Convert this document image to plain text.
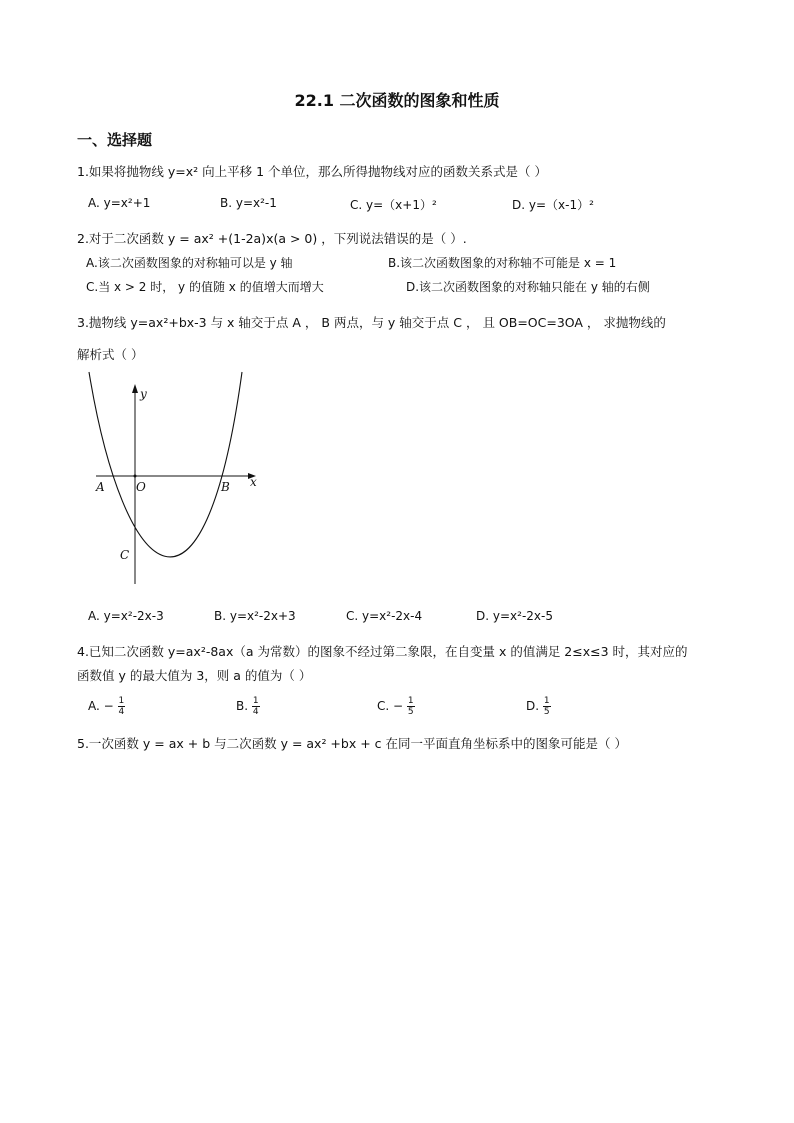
22.1 二次函数的图象和性质
一、选择题
1.如果将抛物线 y=x² 向上平移 1 个单位，那么所得抛物线对应的函数关系式是（ ）
A. y=x²+1	B. y=x²-1	C. y=（x+1）²	D. y=（x-1）²
2.对于二次函数 y = ax² +(1-2a)x(a > 0) ，下列说法错误的是（ ）.
A.该二次函数图象的对称轴可以是 y 轴	B.该二次函数图象的对称轴不可能是 x = 1
C.当 x > 2 时， y 的值随 x 的值增大而增大	D.该二次函数图象的对称轴只能在 y 轴的右侧
3.抛物线 y=ax²+bx-3 与 x 轴交于点 A ， B 两点，与 y 轴交于点 C ， 且 OB=OC=3OA ， 求抛物线的
解析式（ ）
y
x
A	O	B
C
A. y=x²-2x-3	B. y=x²-2x+3	C. y=x²-2x-4	D. y=x²-2x-5
4.已知二次函数 y=ax²-8ax（a 为常数）的图象不经过第二象限，在自变量 x 的值满足 2≤x≤3 时，其对应的
函数值 y 的最大值为 3，则 a 的值为（ ）
A. − $\frac{1}{4}$	B. $\frac{1}{4}$	C. − $\frac{1}{5}$	D. $\frac{1}{5}$
5.一次函数 y = ax + b 与二次函数 y = ax² +bx + c 在同一平面直角坐标系中的图象可能是（ ）
